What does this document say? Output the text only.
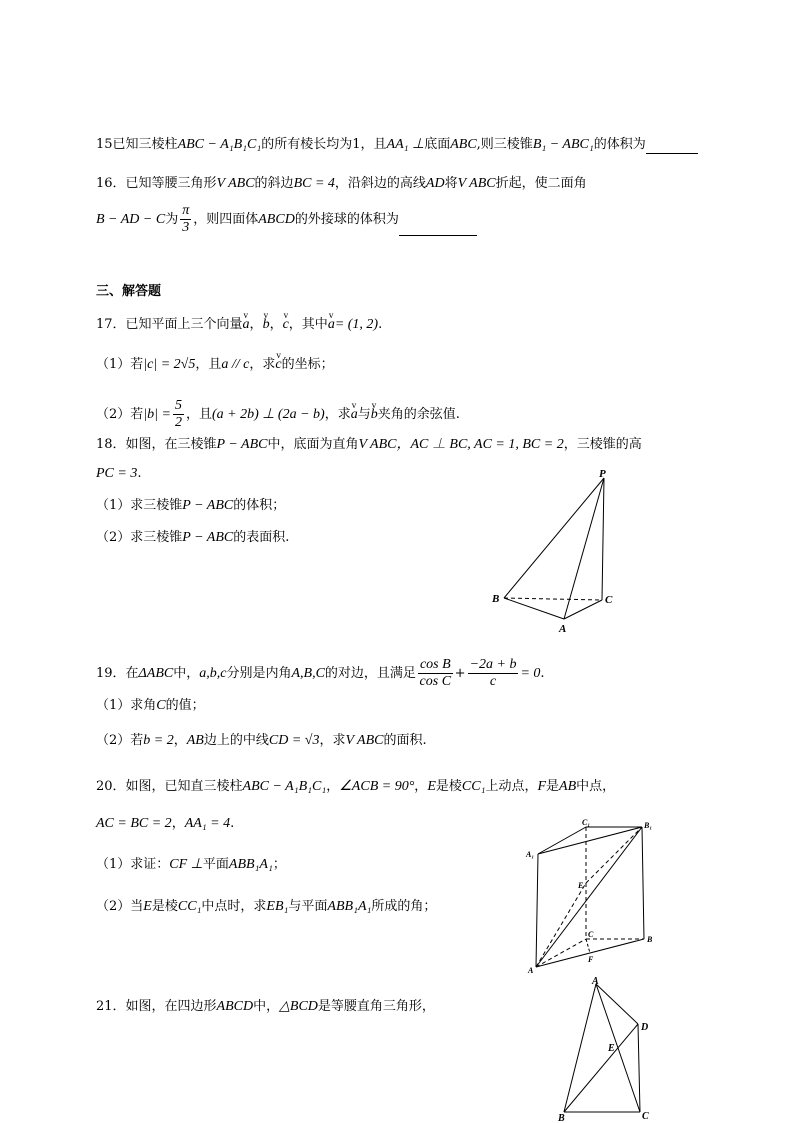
15已知三棱柱ABC − A₁B₁C₁的所有棱长均为1，且AA₁ ⊥底面ABC,则三棱锥B₁ − ABC₁的体积为
16．已知等腰三角形V ABC的斜边BC = 4，沿斜边的高线AD将V ABC折起，使二面角
B − AD − C为 $\frac{\pi}{3}$ ，则四面体ABCD的外接球的体积为
三、解答题
17．已知平面上三个向量v a，v b，v c，其中v a= (1, 2).
（1）若|c| = 2√5，且a // c，求v c的坐标；
（2）若$|b| = \frac{5}{2}$ ，且(a + 2b) ⊥ (2a − b)，求v a与v b夹角的余弦值.
18．如图，在三棱锥P − ABC中，底面为直角V ABC，AC ⊥ BC, AC = 1, BC = 2，三棱锥的高
PC = 3.
（1）求三棱锥P − ABC的体积；
（2）求三棱锥P − ABC的表面积.
P
B	C
A
19．在ΔABC中，a,b,c分别是内角A,B,C的对边，且满足 $\frac{\text{cos B}}{\text{cos C}} + \frac{-2a + b}{c} = 0$.
（1）求角C的值；
（2）若b = 2，AB边上的中线CD = √3，求V ABC的面积.
20．如图，已知直三棱柱ABC − A₁B₁C₁，∠ACB = 90°，E是棱CC₁上动点，F是AB中点，
AC = BC = 2，AA₁ = 4.
（1）求证：CF ⊥平面ABB₁A₁；
（2）当E是棱CC₁中点时，求EB₁与平面ABB₁A₁所成的角；
C₁	B₁
A₁
E
C
B
F
A
21．如图，在四边形ABCD中，△BCD是等腰直角三角形，
A
D
E
B	C
